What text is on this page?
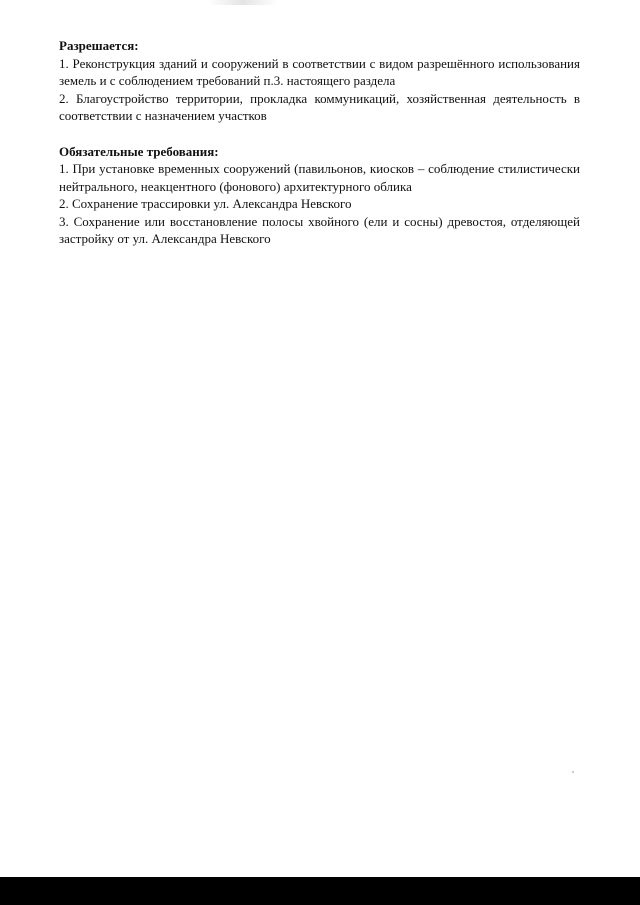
Разрешается:

1. Реконструкция зданий и сооружений в соответствии с видом разрешённого использования земель и с соблюдением требований п.3. настоящего раздела

2. Благоустройство территории, прокладка коммуникаций, хозяйственная деятельность в соответствии с назначением участков

Обязательные требования:

1. При установке временных сооружений (павильонов, киосков – соблюдение стилистически нейтрального, неакцентного (фонового) архитектурного облика

2. Сохранение трассировки ул. Александра Невского

3. Сохранение или восстановление полосы хвойного (ели и сосны) древостоя, отделяющей застройку от ул. Александра Невского
